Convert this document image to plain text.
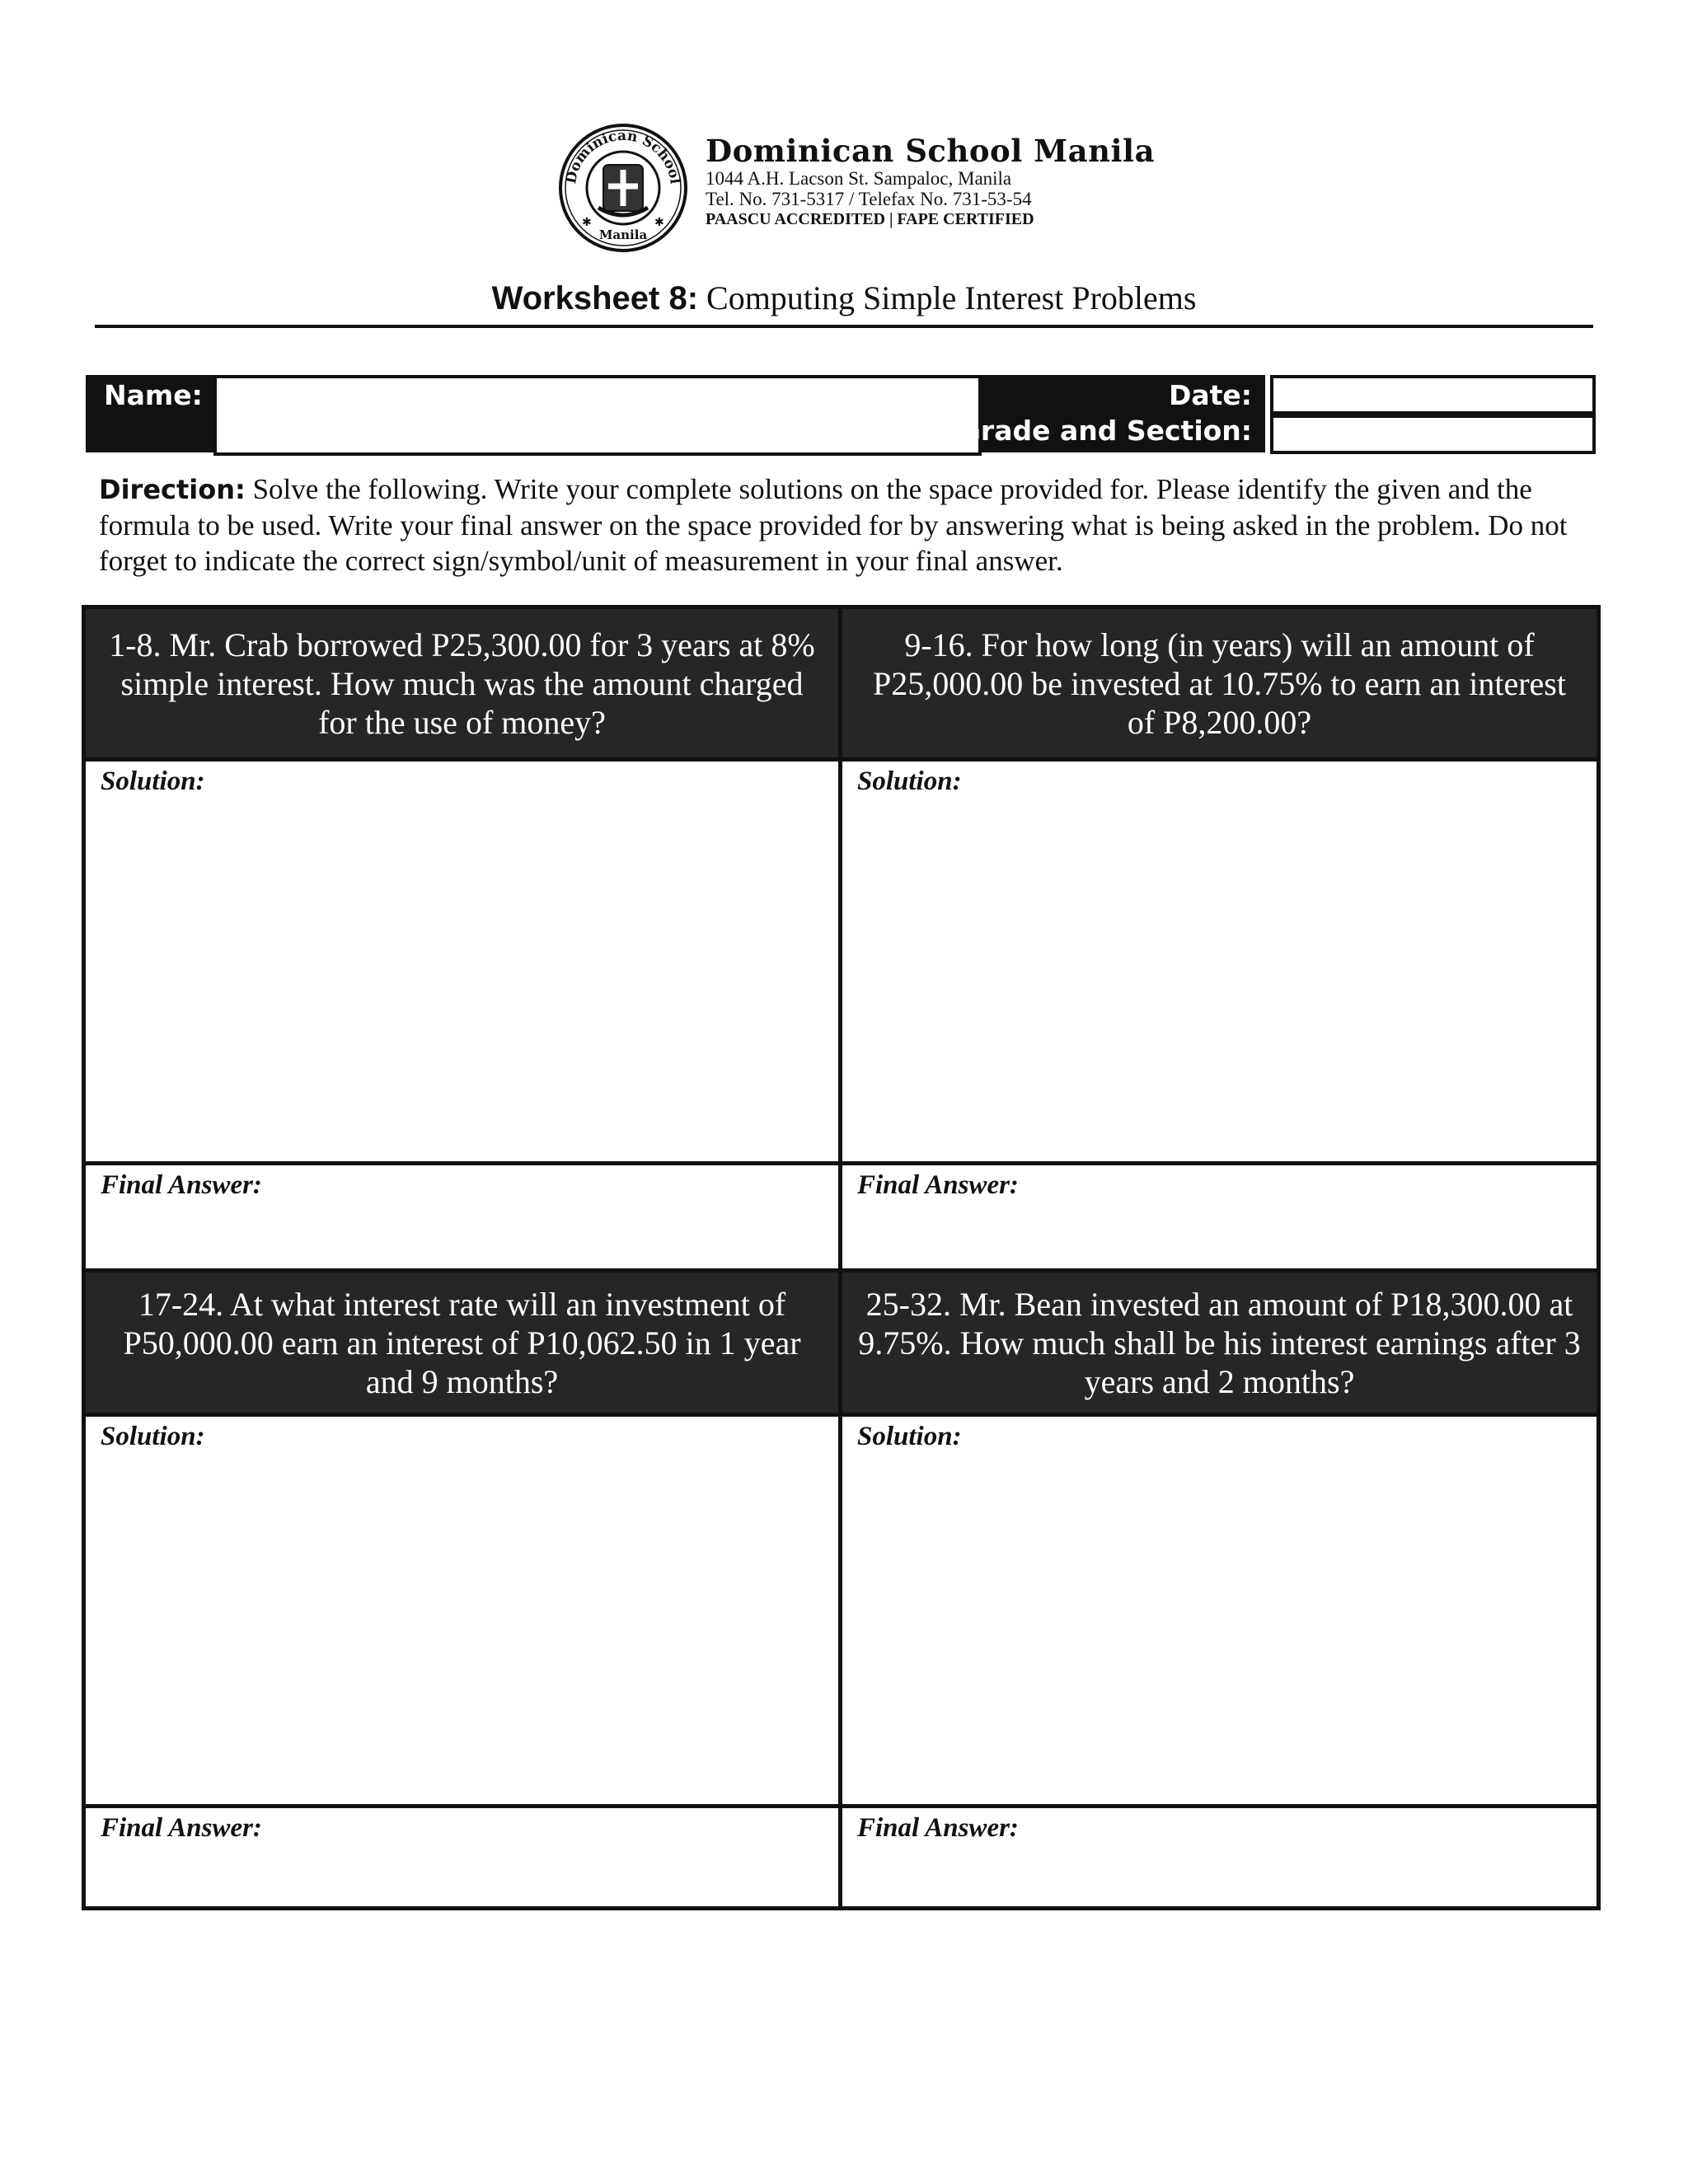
Dominican School
Manila
✱	✱
Dominican School Manila
1044 A.H. Lacson St. Sampaloc, Manila
Tel. No. 731-5317 / Telefax No. 731-53-54
PAASCU ACCREDITED | FAPE CERTIFIED
Worksheet 8: Computing Simple Interest Problems
Name:	Date:
Grade and Section:
Direction: Solve the following. Write your complete solutions on the space provided for. Please identify the given and the formula to be used. Write your final answer on the space provided for by answering what is being asked in the problem. Do not forget to indicate the correct sign/symbol/unit of measurement in your final answer.
1-8. Mr. Crab borrowed P25,300.00 for 3 years at 8% simple interest. How much was the amount charged for the use of money?
9-16. For how long (in years) will an amount of P25,000.00 be invested at 10.75% to earn an interest of P8,200.00?
Solution:	Solution:
Final Answer:	Final Answer:
17-24. At what interest rate will an investment of P50,000.00 earn an interest of P10,062.50 in 1 year and 9 months?
25-32. Mr. Bean invested an amount of P18,300.00 at 9.75%. How much shall be his interest earnings after 3 years and 2 months?
Solution:	Solution:
Final Answer:	Final Answer:
